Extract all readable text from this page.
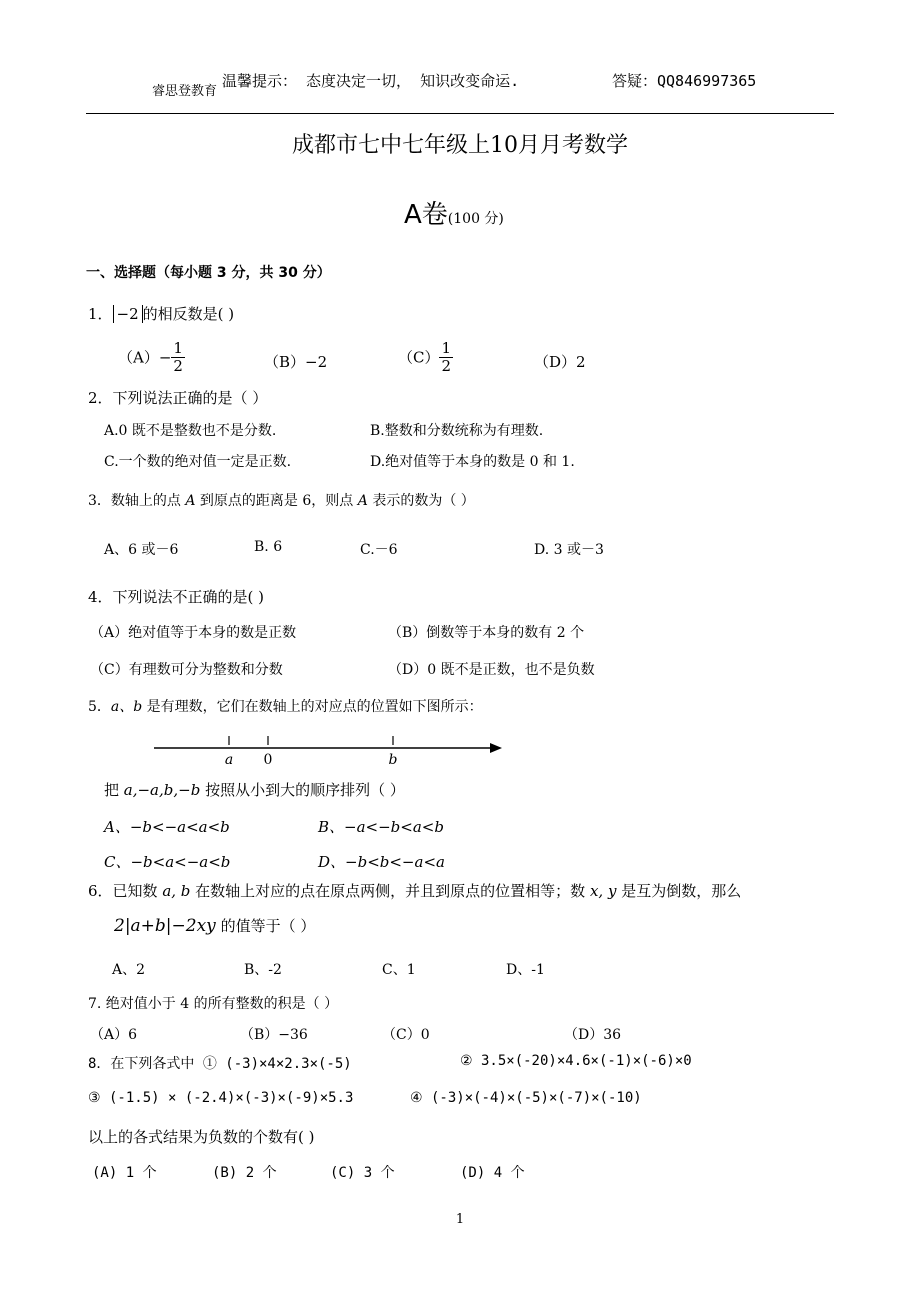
睿思登教育
温馨提示： 态度决定一切， 知识改变命运.	答疑：QQ846997365
成都市七中七年级上10月月考数学
A卷(100 分)
一、选择题（每小题 3 分，共 30 分）
1． −2 的相反数是( )
$(A)- \frac{1}{2}$	（B）−2	$(C) \frac{1}{2}$	（D）2
2．下列说法正确的是（ ）
A.0 既不是整数也不是分数.	B.整数和分数统称为有理数.
C.一个数的绝对值一定是正数.	D.绝对值等于本身的数是 0 和 1.
3．数轴上的点 A 到原点的距离是 6，则点 A 表示的数为（ ）
A、6 或－6	B. 6	C.－6	D. 3 或－3
4．下列说法不正确的是( )
（A）绝对值等于本身的数是正数	（B）倒数等于本身的数有 2 个
（C）有理数可分为整数和分数	（D）0 既不是正数，也不是负数
5．a、b 是有理数，它们在数轴上的对应点的位置如下图所示：
a 0	b
把 a,−a,b,−b 按照从小到大的顺序排列（ ）
A、−b<−a<a<b	B、−a<−b<a<b
C、−b<a<−a<b	D、−b<b<−a<a
6．已知数 a, b 在数轴上对应的点在原点两侧，并且到原点的位置相等；数 x, y 是互为倒数，那么
2|a+b|−2xy 的值等于（ ）
A、2	B、-2	C、1	D、-1
7. 绝对值小于 4 的所有整数的积是（ ）
（A）6	（B）−36	（C）0	（D）36
8．在下列各式中 ① (-3)×4×2.3×(-5)	② 3.5×(-20)×4.6×(-1)×(-6)×0
③ (-1.5) × (-2.4)×(-3)×(-9)×5.3	④ (-3)×(-4)×(-5)×(-7)×(-10)
以上的各式结果为负数的个数有( )
(A) 1 个	(B) 2 个	(C) 3 个	(D) 4 个
1
